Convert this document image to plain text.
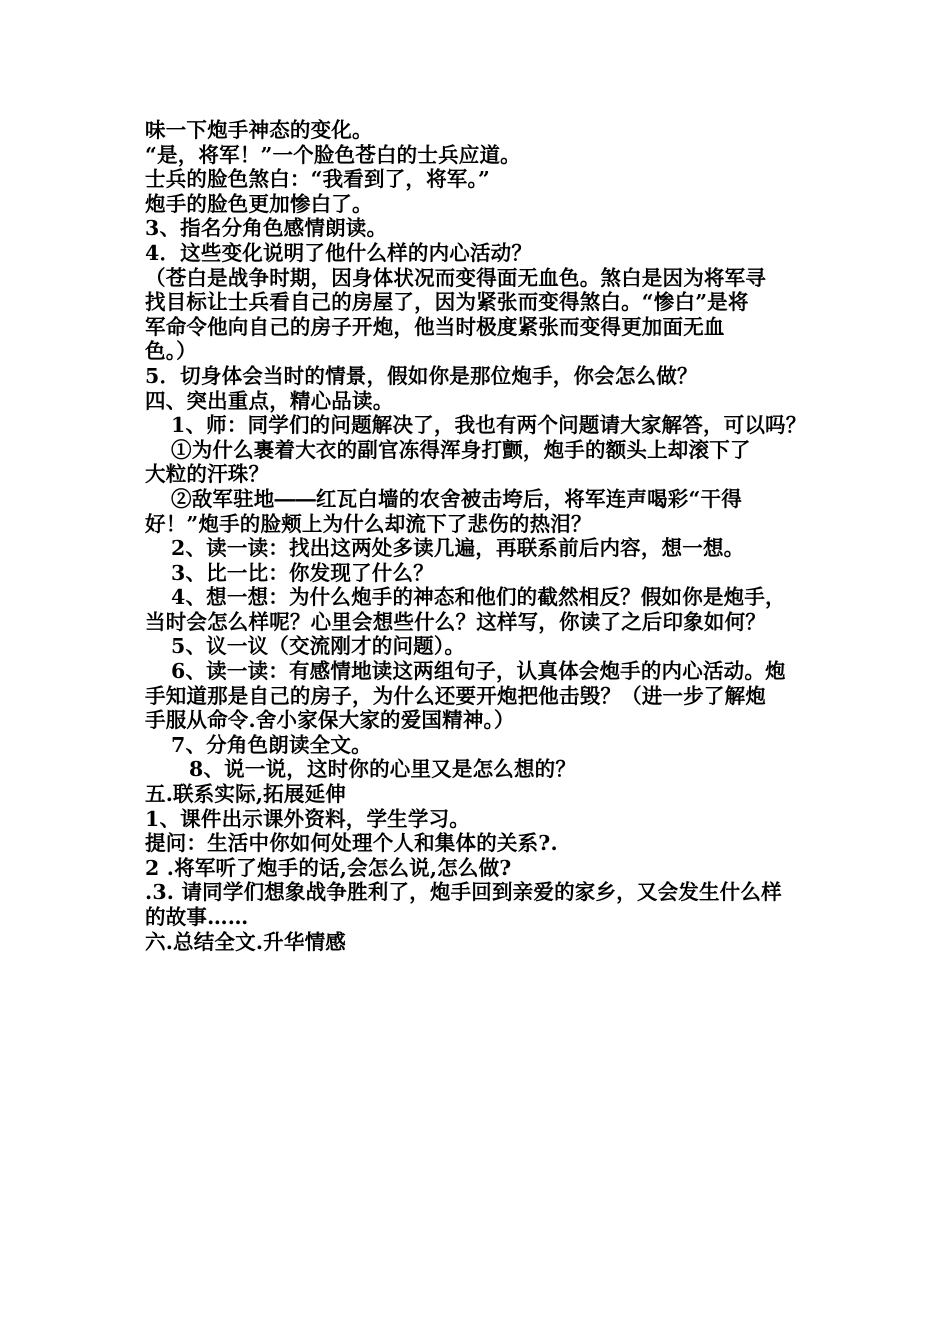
味一下炮手神态的变化。
“是，将军！”一个脸色苍白的士兵应道。
士兵的脸色煞白：“我看到了，将军。”
炮手的脸色更加惨白了。
3、指名分角色感情朗读。
4．这些变化说明了他什么样的内心活动？
（苍白是战争时期，因身体状况而变得面无血色。煞白是因为将军寻
找目标让士兵看自己的房屋了，因为紧张而变得煞白。“惨白”是将
军命令他向自己的房子开炮，他当时极度紧张而变得更加面无血
色。）
5．切身体会当时的情景，假如你是那位炮手，你会怎么做？
四、突出重点，精心品读。
1、师：同学们的问题解决了，我也有两个问题请大家解答，可以吗？
①为什么裹着大衣的副官冻得浑身打颤，炮手的额头上却滚下了
大粒的汗珠？
②敌军驻地――红瓦白墙的农舍被击垮后，将军连声喝彩“干得
好！”炮手的脸颊上为什么却流下了悲伤的热泪？
2、读一读：找出这两处多读几遍，再联系前后内容，想一想。
3、比一比：你发现了什么？
4、想一想：为什么炮手的神态和他们的截然相反？假如你是炮手，
当时会怎么样呢？心里会想些什么？这样写，你读了之后印象如何？
5、议一议（交流刚才的问题）。
6、读一读：有感情地读这两组句子，认真体会炮手的内心活动。炮
手知道那是自己的房子，为什么还要开炮把他击毁？（进一步了解炮
手服从命令.舍小家保大家的爱国精神。）
7、分角色朗读全文。
8、说一说，这时你的心里又是怎么想的？
五.联系实际,拓展延伸
1、课件出示课外资料，学生学习。
提问：生活中你如何处理个人和集体的关系?.
2 .将军听了炮手的话,会怎么说,怎么做?
.3. 请同学们想象战争胜利了，炮手回到亲爱的家乡，又会发生什么样
的故事……
六.总结全文.升华情感
